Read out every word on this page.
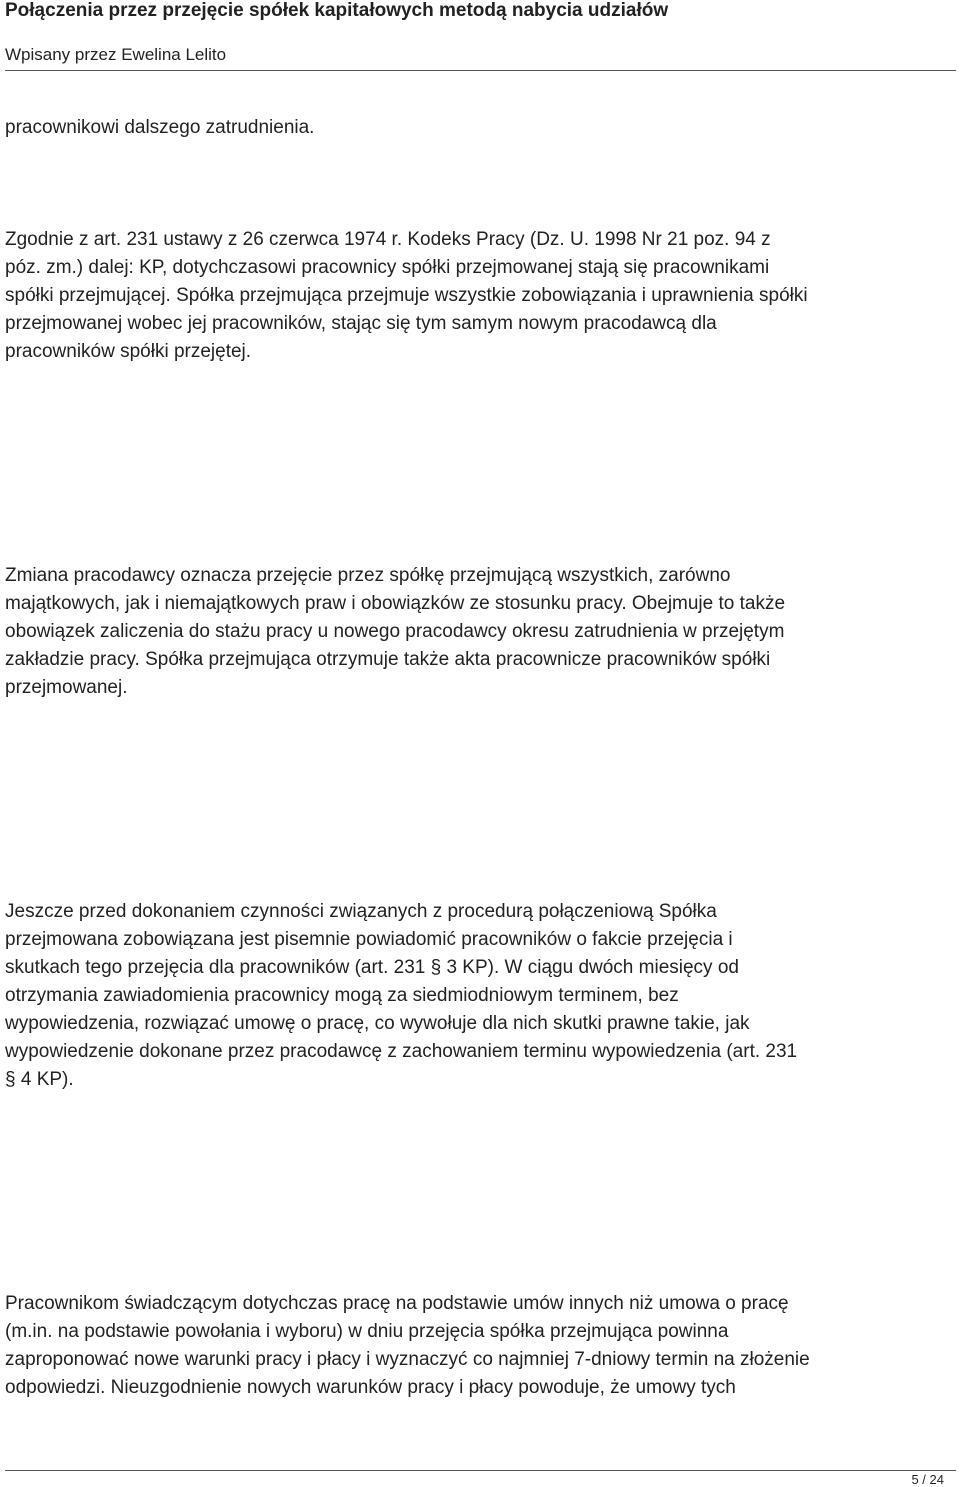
Połączenia przez przejęcie spółek kapitałowych metodą nabycia udziałów
Wpisany przez Ewelina Lelito
pracownikowi dalszego zatrudnienia.
Zgodnie z art. 231 ustawy z 26 czerwca 1974 r. Kodeks Pracy (Dz. U. 1998 Nr 21 poz. 94 z
póz. zm.) dalej: KP, dotychczasowi pracownicy spółki przejmowanej stają się pracownikami
spółki przejmującej. Spółka przejmująca przejmuje wszystkie zobowiązania i uprawnienia spółki
przejmowanej wobec jej pracowników, stając się tym samym nowym pracodawcą dla
pracowników spółki przejętej.
Zmiana pracodawcy oznacza przejęcie przez spółkę przejmującą wszystkich, zarówno
majątkowych, jak i niemajątkowych praw i obowiązków ze stosunku pracy. Obejmuje to także
obowiązek zaliczenia do stażu pracy u nowego pracodawcy okresu zatrudnienia w przejętym
zakładzie pracy. Spółka przejmująca otrzymuje także akta pracownicze pracowników spółki
przejmowanej.
Jeszcze przed dokonaniem czynności związanych z procedurą połączeniową Spółka
przejmowana zobowiązana jest pisemnie powiadomić pracowników o fakcie przejęcia i
skutkach tego przejęcia dla pracowników (art. 231 § 3 KP). W ciągu dwóch miesięcy od
otrzymania zawiadomienia pracownicy mogą za siedmiodniowym terminem, bez
wypowiedzenia, rozwiązać umowę o pracę, co wywołuje dla nich skutki prawne takie, jak
wypowiedzenie dokonane przez pracodawcę z zachowaniem terminu wypowiedzenia (art. 231
§ 4 KP).
Pracownikom świadczącym dotychczas pracę na podstawie umów innych niż umowa o pracę
(m.in. na podstawie powołania i wyboru) w dniu przejęcia spółka przejmująca powinna
zaproponować nowe warunki pracy i płacy i wyznaczyć co najmniej 7-dniowy termin na złożenie
odpowiedzi. Nieuzgodnienie nowych warunków pracy i płacy powoduje, że umowy tych
5 / 24
